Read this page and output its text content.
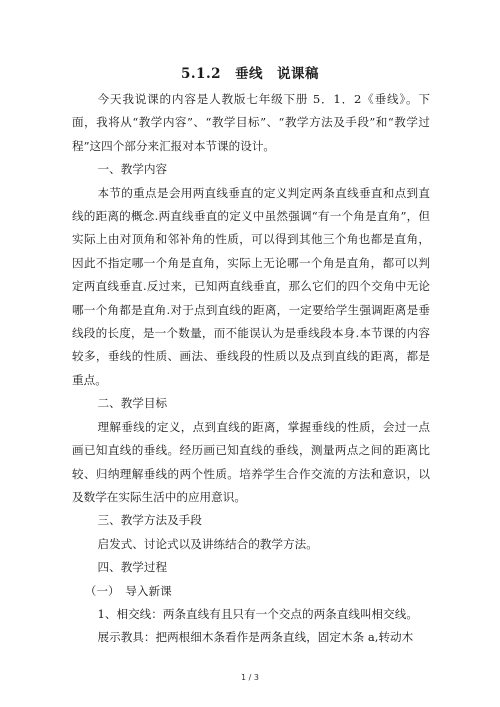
5.1.2　垂线　说课稿

今天我说课的内容是人教版七年级下册 5．1．2《垂线》。下面，我将从“教学内容”、“教学目标”、“教学方法及手段”和“教学过程”这四个部分来汇报对本节课的设计。

一、教学内容

本节的重点是会用两直线垂直的定义判定两条直线垂直和点到直线的距离的概念.两直线垂直的定义中虽然强调“有一个角是直角”，但实际上由对顶角和邻补角的性质，可以得到其他三个角也都是直角，因此不指定哪一个角是直角，实际上无论哪一个角是直角，都可以判定两直线垂直.反过来，已知两直线垂直，那么它们的四个交角中无论哪一个角都是直角.对于点到直线的距离，一定要给学生强调距离是垂线段的长度，是一个数量，而不能误认为是垂线段本身.本节课的内容较多，垂线的性质、画法、垂线段的性质以及点到直线的距离，都是重点。

二、教学目标

理解垂线的定义，点到直线的距离，掌握垂线的性质，会过一点画已知直线的垂线。经历画已知直线的垂线，测量两点之间的距离比较、归纳理解垂线的两个性质。培养学生合作交流的方法和意识，以及数学在实际生活中的应用意识。

三、教学方法及手段

启发式、讨论式以及讲练结合的教学方法。

四、教学过程

（一）　导入新课

1、相交线：两条直线有且只有一个交点的两条直线叫相交线。

展示教具：把两根细木条看作是两条直线，固定木条 a,转动木

1 / 3
